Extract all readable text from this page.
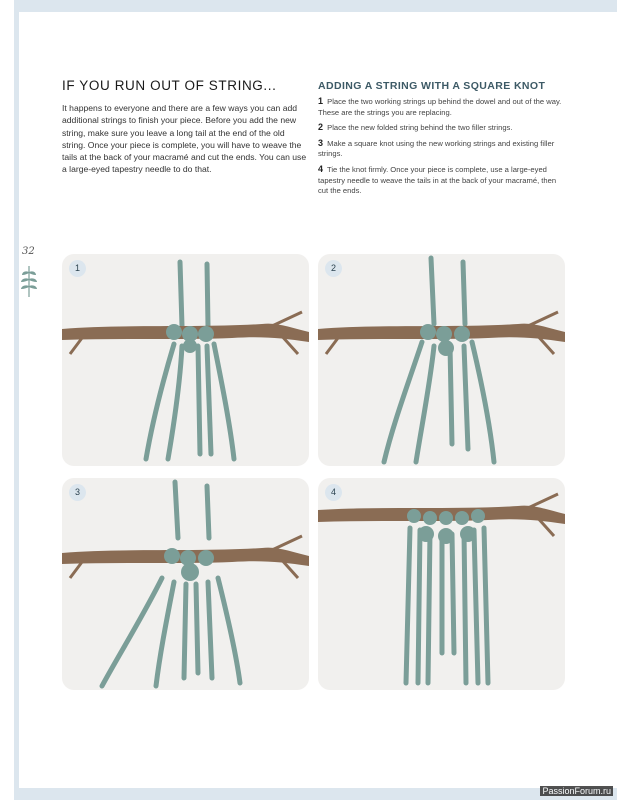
32
IF YOU RUN OUT OF STRING...

It happens to everyone and there are a few ways you can add additional strings to finish your piece. Before you add the new string, make sure you leave a long tail at the end of the old string. Once your piece is complete, you will have to weave the tails at the back of your macramé and cut the ends. You can use a large-eyed tapestry needle to do that.

ADDING A STRING WITH A SQUARE KNOT

1 Place the two working strings up behind the dowel and out of the way. These are the strings you are replacing.

2 Place the new folded string behind the two filler strings.

3 Make a square knot using the new working strings and existing filler strings.

4 Tie the knot firmly. Once your piece is complete, use a large-eyed tapestry needle to weave the tails in at the back of your macramé, then cut the ends.

1	2
3	4
PassionForum.ru
